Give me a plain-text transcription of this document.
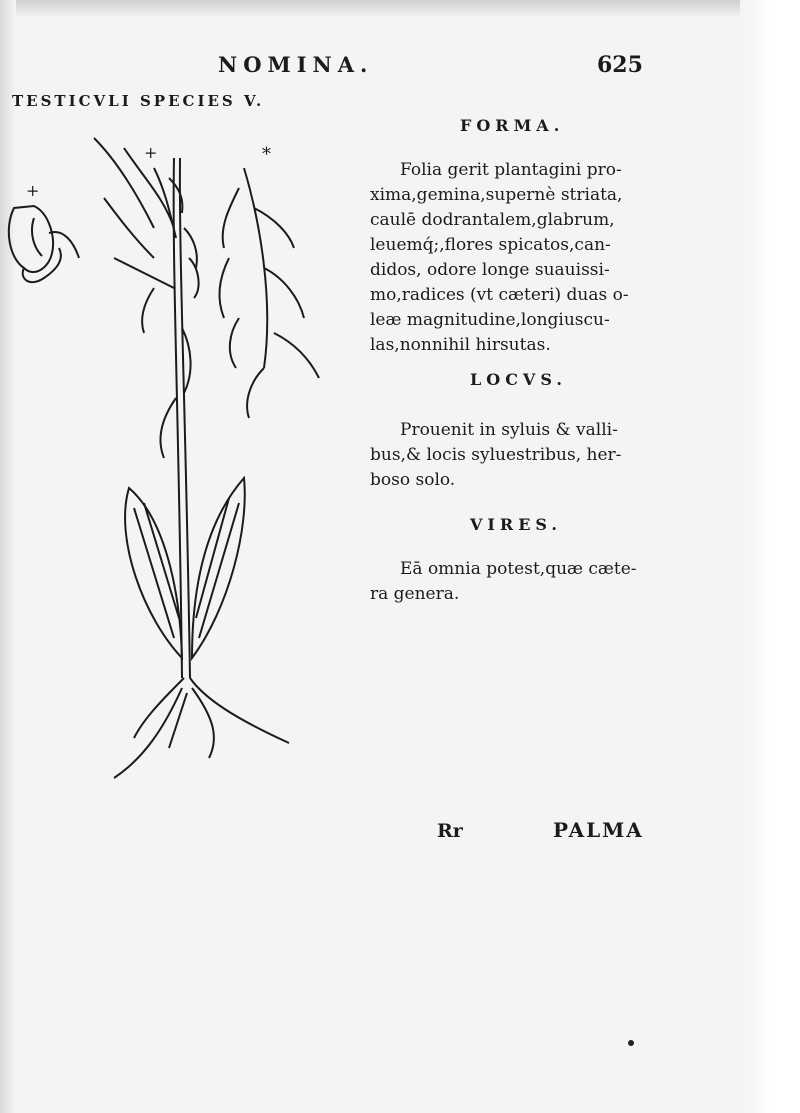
NOMINA.	625
TESTICVLI SPECIES V.
+
+	*
FORMA.
Folia gerit plantagini pro-
xima,gemina,supernè striata,
caulē dodrantalem,glabrum,
leuemq́;,flores spicatos,can-
didos, odore longe suauissi-
mo,radices (vt cæteri) duas o-
leæ magnitudine,longiuscu-
las,nonnihil hirsutas.
LOCVS.
Prouenit in syluis & valli-
bus,& locis syluestribus, her-
boso solo.
VIRES.
Eā omnia potest,quæ cæte-
ra genera.
Rr	PALMA
